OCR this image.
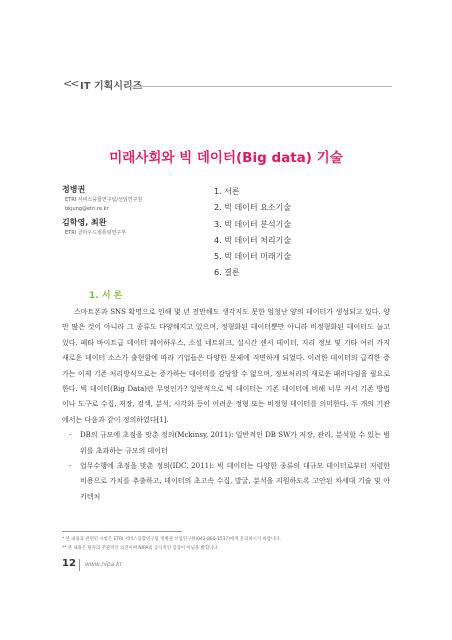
<< IT 기획시리즈
미래사회와 빅 데이터(Big data) 기술
정병권
ETRI 서비스융합연구팀/선임연구원
bkjung@etri.re.kr
김학영, 최완
ETRI 클라우드컴퓨팅연구부
1. 서론
2. 빅 데이터 요소기술
3. 빅 데이터 분석기술
4. 빅 데이터 처리기술
5. 빅 데이터 미래기술
6. 결론
1. 서 론

스마트폰과 SNS 확명으로 인해 몇 년 전만해도 생각지도 못한 엄청난 양의 데이터가 생성되고 있다. 양만 많은 것이 아니라 그 종류도 다양해지고 있으며, 정형화된 데이터뿐만 아니라 비정형화된 데이터도 늘고 있다. 페타 바이트급 데이터 웨어하우스, 소셜 네트워크, 실시간 센서 데이터, 지리 정보 및 기타 여러 가지 새로운 데이터 소스가 출현함에 따라 기업들은 다양한 문제에 직면하게 되었다. 이러한 데이터의 급격한 증가는 이제 기존 처리방식으로는 증가하는 데이터를 감당할 수 없으며, 정보처리의 새로운 패러다임을 필요로 한다. 빅 데이터(Big Data)란 무엇인가? 일반적으로 빅 데이터는 기존 데이터에 비해 너무 커서 기존 방법이나 도구로 수집, 저장, 검색, 분석, 시각화 등이 어려운 정형 또는 비정형 데이터를 의미한다. 두 개의 기관에서는 다음과 같이 정의하였다[1].

- DB의 규모에 초점을 맞춘 정의(Mckinsy, 2011): 일반적인 DB SW가 저장, 관리, 분석할 수 있는 범위를 초과하는 규모의 데이터
- 업무수행에 초점을 맞춘 정의(IDC, 2011): 빅 데이터는 다양한 종류의 대규모 데이터로부터 저렴한 비용으로 가치를 추출하고, 데이터의 초고속 수집, 발굴, 분석을 지원하도록 고안된 차세대 기술 및 아키텍처
* 본 내용과 관련된 사항은 ETRI 서비스융합연구팀 정병권 선임연구원(042-860-1537)에게 문의하시기 바랍니다.
** 본 내용은 필자의 주관적인 의견이며 NIPA의 공식적인 입장이 아님을 밝힙니다.
12 www.nipa.kr
